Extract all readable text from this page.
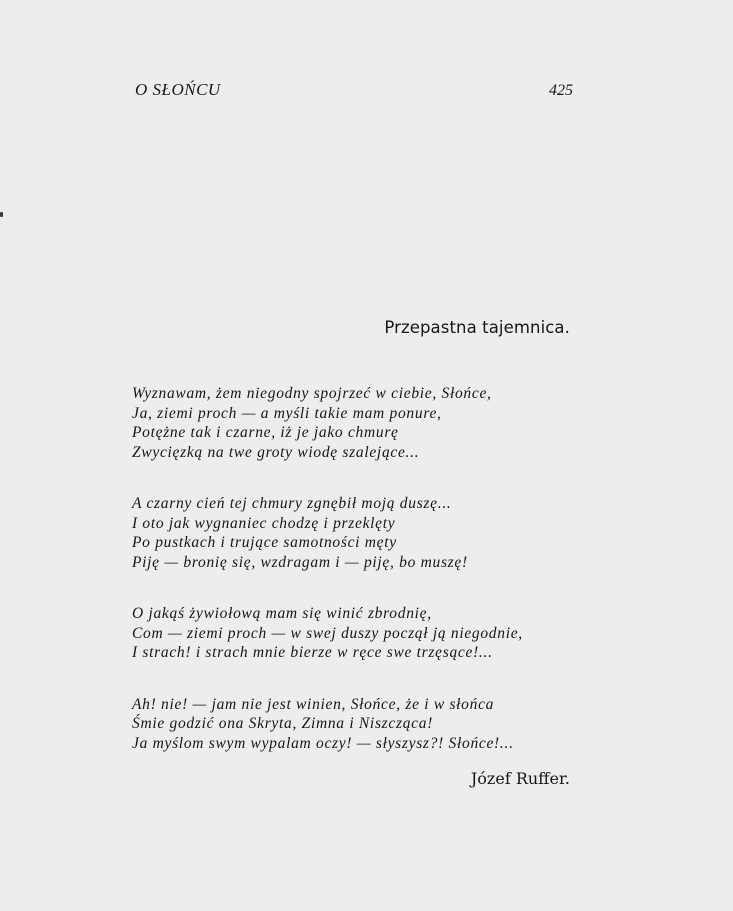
O SŁOŃCU	425
Przepastna tajemnica.
Wyznawam, żem niegodny spojrzeć w ciebie, Słońce,
Ja, ziemi proch — a myśli takie mam ponure,
Potężne tak i czarne, iż je jako chmurę
Zwycięzką na twe groty wiodę szalejące...
A czarny cień tej chmury zgnębił moją duszę...
I oto jak wygnaniec chodzę i przeklęty
Po pustkach i trujące samotności męty
Piję — bronię się, wzdragam i — piję, bo muszę!
O jakąś żywiołową mam się winić zbrodnię,
Com — ziemi proch — w swej duszy począł ją niegodnie,
I strach! i strach mnie bierze w ręce swe trzęsące!...
Ah! nie! — jam nie jest winien, Słońce, że i w słońca
Śmie godzić ona Skryta, Zimna i Niszcząca!
Ja myślom swym wypalam oczy! — słyszysz?! Słońce!...
Józef Ruffer.
